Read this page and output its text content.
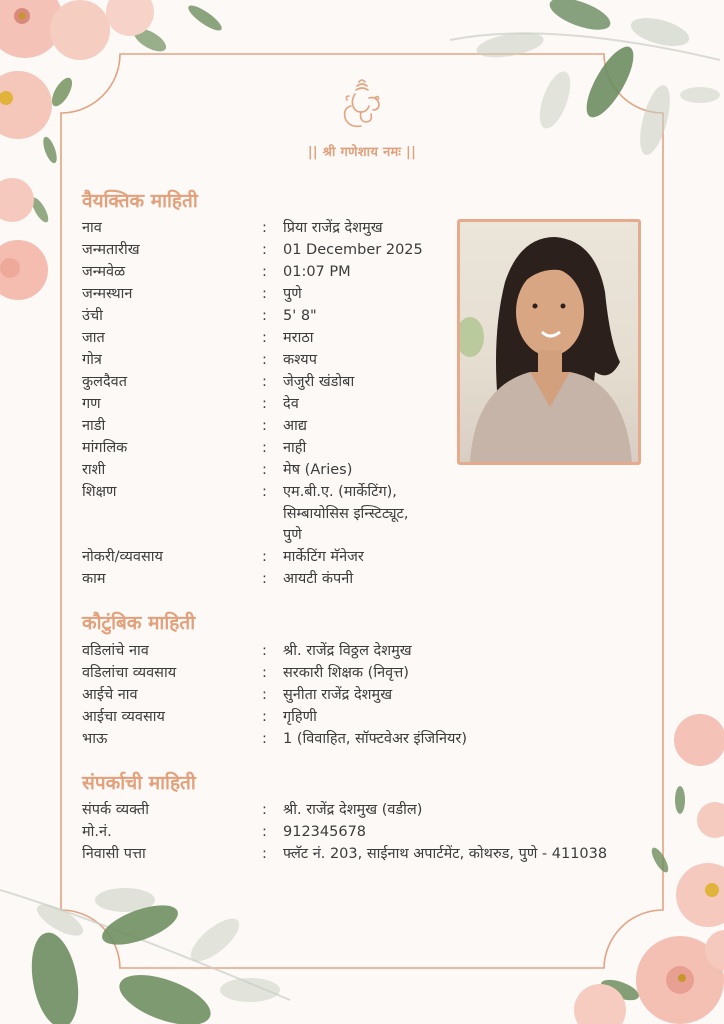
|| श्री गणेशाय नमः ||
वैयक्तिक माहिती
नाव	:	प्रिया राजेंद्र देशमुख
जन्मतारीख	:	01 December 2025
जन्मवेळ	:	01:07 PM
जन्मस्थान	:	पुणे
उंची	:	5' 8"
जात	:	मराठा
गोत्र	:	कश्यप
कुलदैवत	:	जेजुरी खंडोबा
गण	:	देव
नाडी	:	आद्य
मांगलिक	:	नाही
राशी	:	मेष (Aries)
शिक्षण	:	एम.बी.ए. (मार्केटिंग),
सिम्बायोसिस इन्स्टिट्यूट,
पुणे
नोकरी/व्यवसाय	:	मार्केटिंग मॅनेजर
काम	:	आयटी कंपनी
कौटुंबिक माहिती
वडिलांचे नाव	:	श्री. राजेंद्र विठ्ठल देशमुख
वडिलांचा व्यवसाय	:	सरकारी शिक्षक (निवृत्त)
आईचे नाव	:	सुनीता राजेंद्र देशमुख
आईचा व्यवसाय	:	गृहिणी
भाऊ	:	1 (विवाहित, सॉफ्टवेअर इंजिनियर)
संपर्काची माहिती
संपर्क व्यक्ती	:	श्री. राजेंद्र देशमुख (वडील)
मो.नं.	:	912345678
निवासी पत्ता	:	फ्लॅट नं. 203, साईनाथ अपार्टमेंट, कोथरुड, पुणे - 411038
